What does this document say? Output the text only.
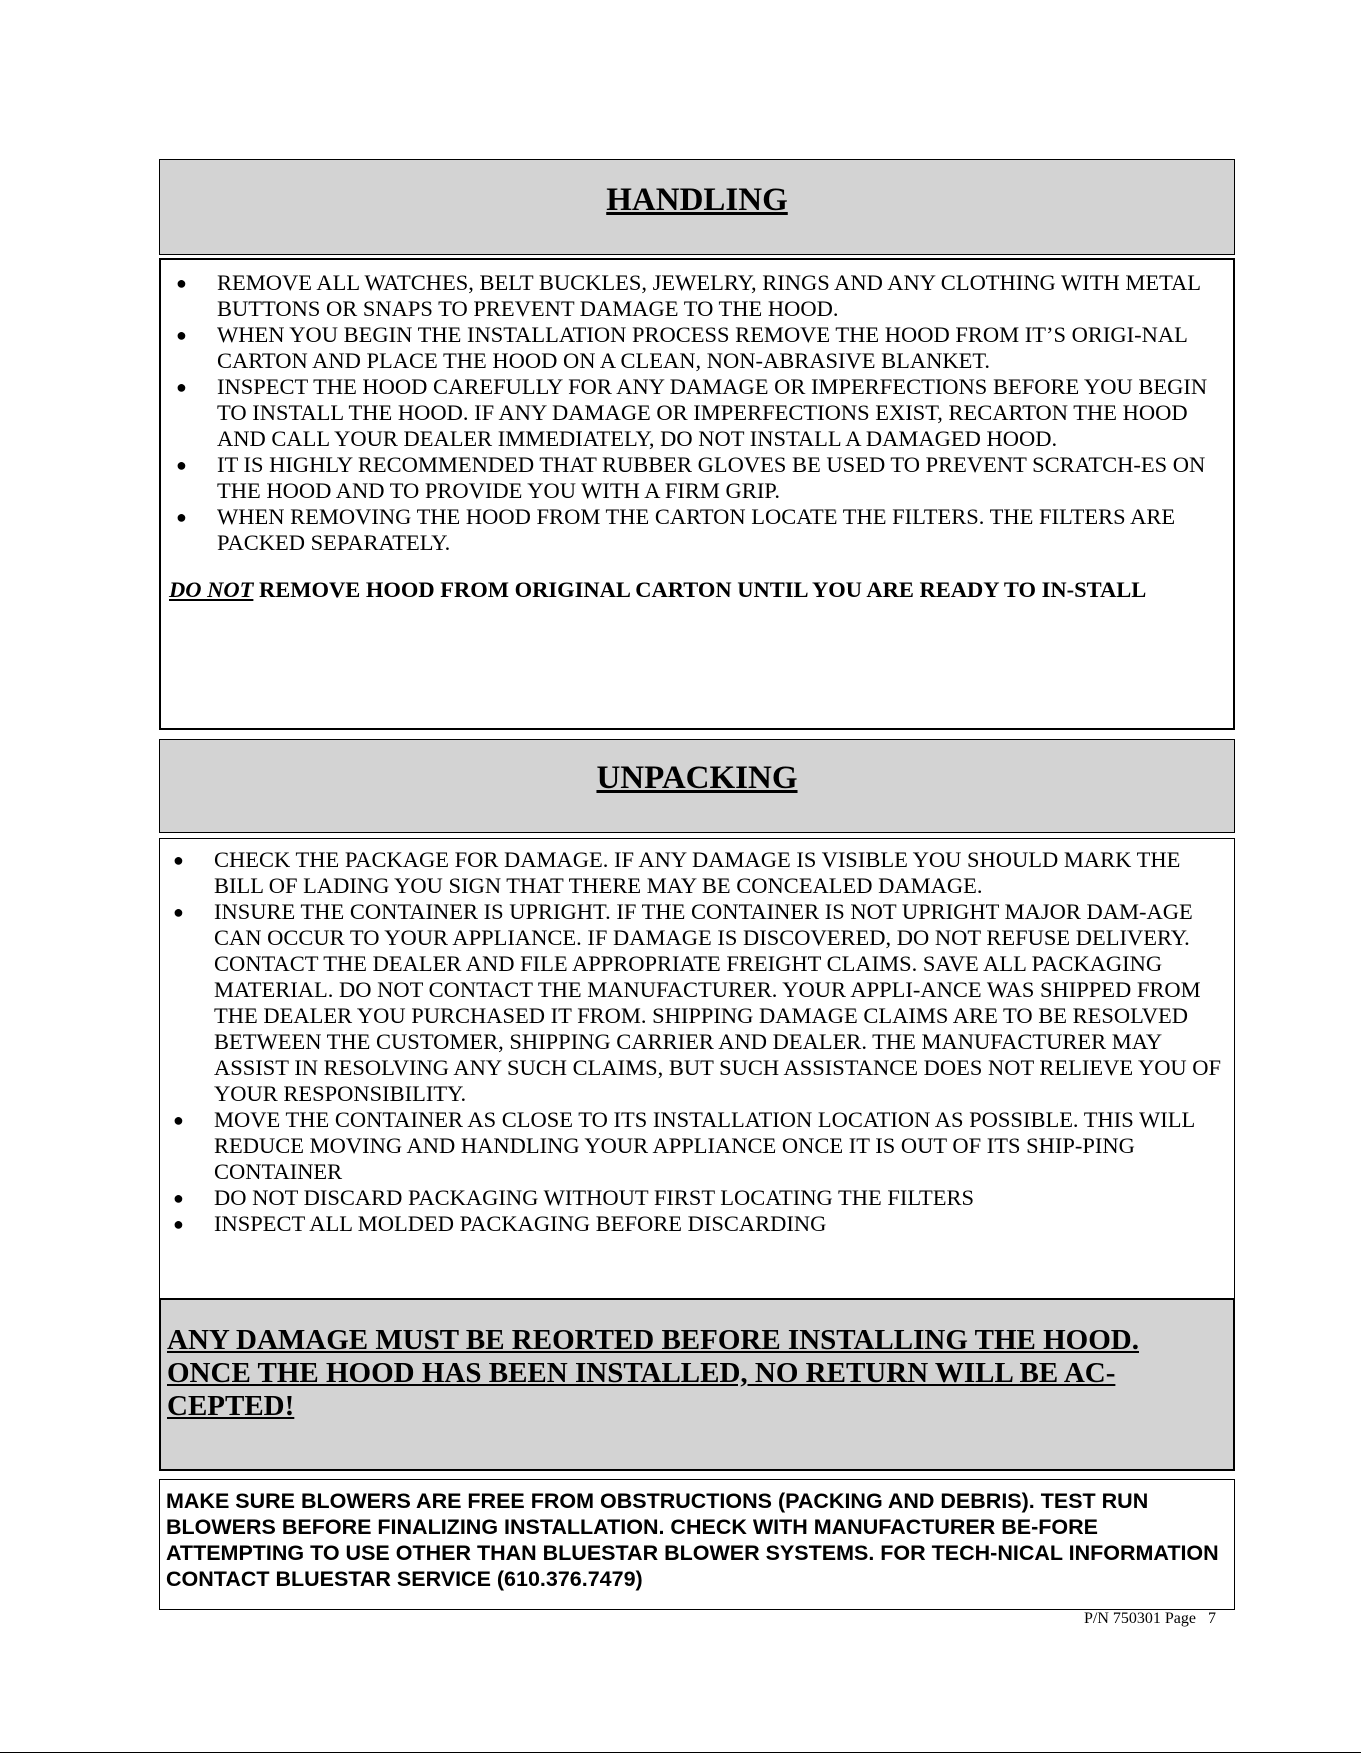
HANDLING
● REMOVE ALL WATCHES, BELT BUCKLES, JEWELRY, RINGS AND ANY CLOTHING WITH METAL BUTTONS OR SNAPS TO PREVENT DAMAGE TO THE HOOD.
● WHEN YOU BEGIN THE INSTALLATION PROCESS REMOVE THE HOOD FROM IT’S ORIGI-NAL CARTON AND PLACE THE HOOD ON A CLEAN, NON-ABRASIVE BLANKET.
● INSPECT THE HOOD CAREFULLY FOR ANY DAMAGE OR IMPERFECTIONS BEFORE YOU BEGIN TO INSTALL THE HOOD. IF ANY DAMAGE OR IMPERFECTIONS EXIST, RECARTON THE HOOD AND CALL YOUR DEALER IMMEDIATELY, DO NOT INSTALL A DAMAGED HOOD.
● IT IS HIGHLY RECOMMENDED THAT RUBBER GLOVES BE USED TO PREVENT SCRATCH-ES ON THE HOOD AND TO PROVIDE YOU WITH A FIRM GRIP.
● WHEN REMOVING THE HOOD FROM THE CARTON LOCATE THE FILTERS. THE FILTERS ARE PACKED SEPARATELY.
DO NOT REMOVE HOOD FROM ORIGINAL CARTON UNTIL YOU ARE READY TO IN-STALL
UNPACKING
● CHECK THE PACKAGE FOR DAMAGE. IF ANY DAMAGE IS VISIBLE YOU SHOULD MARK THE BILL OF LADING YOU SIGN THAT THERE MAY BE CONCEALED DAMAGE.
● INSURE THE CONTAINER IS UPRIGHT. IF THE CONTAINER IS NOT UPRIGHT MAJOR DAM-AGE CAN OCCUR TO YOUR APPLIANCE. IF DAMAGE IS DISCOVERED, DO NOT REFUSE DELIVERY. CONTACT THE DEALER AND FILE APPROPRIATE FREIGHT CLAIMS. SAVE ALL PACKAGING MATERIAL. DO NOT CONTACT THE MANUFACTURER. YOUR APPLI-ANCE WAS SHIPPED FROM THE DEALER YOU PURCHASED IT FROM. SHIPPING DAMAGE CLAIMS ARE TO BE RESOLVED BETWEEN THE CUSTOMER, SHIPPING CARRIER AND DEALER. THE MANUFACTURER MAY ASSIST IN RESOLVING ANY SUCH CLAIMS, BUT SUCH ASSISTANCE DOES NOT RELIEVE YOU OF YOUR RESPONSIBILITY.
● MOVE THE CONTAINER AS CLOSE TO ITS INSTALLATION LOCATION AS POSSIBLE. THIS WILL REDUCE MOVING AND HANDLING YOUR APPLIANCE ONCE IT IS OUT OF ITS SHIP-PING CONTAINER
● DO NOT DISCARD PACKAGING WITHOUT FIRST LOCATING THE FILTERS
● INSPECT ALL MOLDED PACKAGING BEFORE DISCARDING
ANY DAMAGE MUST BE REORTED BEFORE INSTALLING THE HOOD. ONCE THE HOOD HAS BEEN INSTALLED, NO RETURN WILL BE AC-CEPTED!
MAKE SURE BLOWERS ARE FREE FROM OBSTRUCTIONS (PACKING AND DEBRIS). TEST RUN BLOWERS BEFORE FINALIZING INSTALLATION. CHECK WITH MANUFACTURER BE-FORE ATTEMPTING TO USE OTHER THAN BLUESTAR BLOWER SYSTEMS. FOR TECH-NICAL INFORMATION CONTACT BLUESTAR SERVICE (610.376.7479)
P/N 750301 Page   7
